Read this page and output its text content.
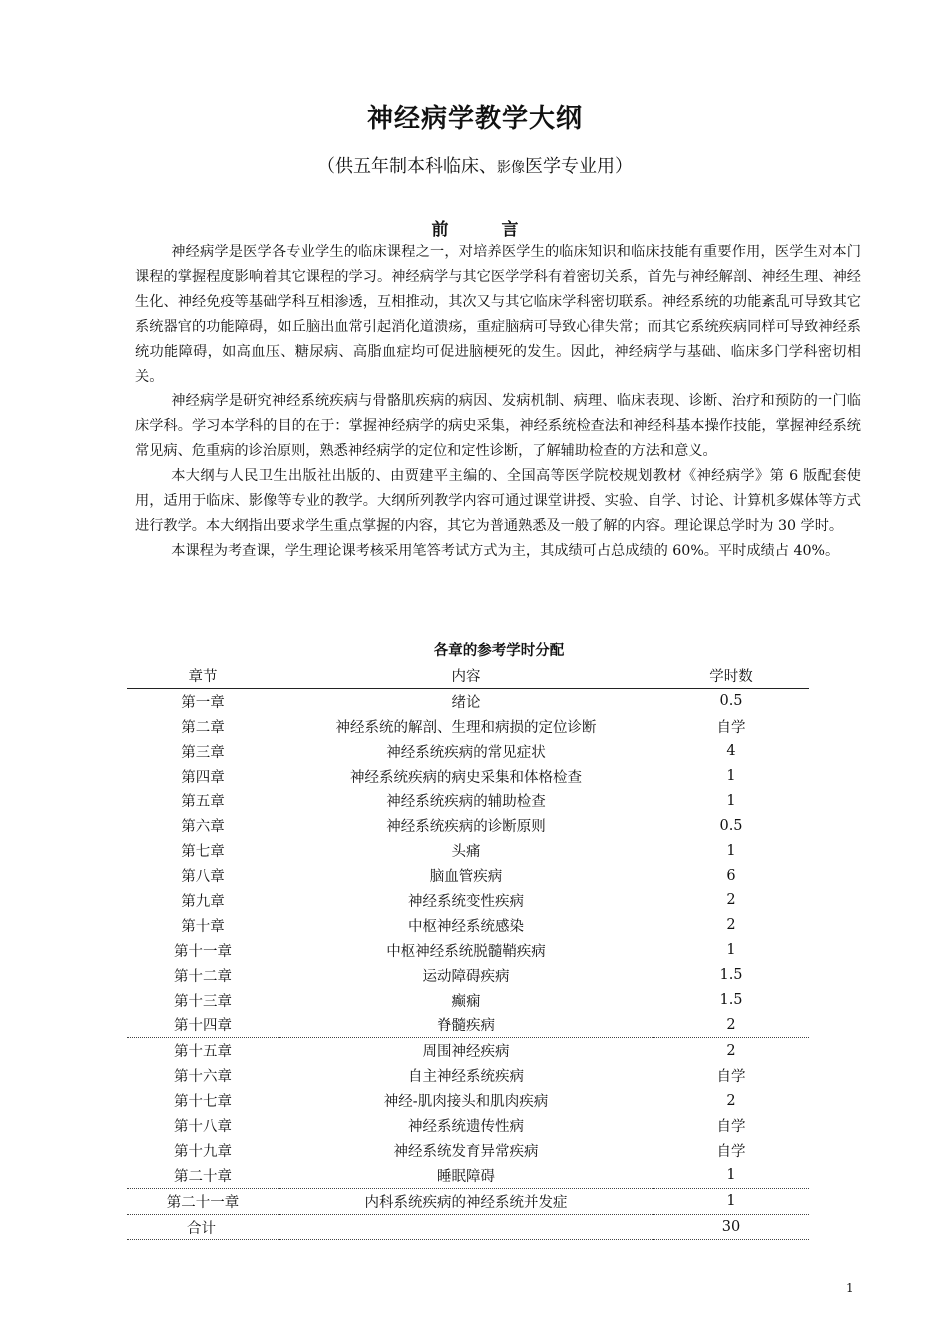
神经病学教学大纲
（供五年制本科临床、影像医学专业用）
前　言

神经病学是医学各专业学生的临床课程之一，对培养医学生的临床知识和临床技能有重要作用，医学生对本门课程的掌握程度影响着其它课程的学习。神经病学与其它医学学科有着密切关系，首先与神经解剖、神经生理、神经生化、神经免疫等基础学科互相渗透，互相推动，其次又与其它临床学科密切联系。神经系统的功能紊乱可导致其它系统器官的功能障碍，如丘脑出血常引起消化道溃疡，重症脑病可导致心律失常；而其它系统疾病同样可导致神经系统功能障碍，如高血压、糖尿病、高脂血症均可促进脑梗死的发生。因此，神经病学与基础、临床多门学科密切相关。

神经病学是研究神经系统疾病与骨骼肌疾病的病因、发病机制、病理、临床表现、诊断、治疗和预防的一门临床学科。学习本学科的目的在于：掌握神经病学的病史采集，神经系统检查法和神经科基本操作技能，掌握神经系统常见病、危重病的诊治原则，熟悉神经病学的定位和定性诊断，了解辅助检查的方法和意义。

本大纲与人民卫生出版社出版的、由贾建平主编的、全国高等医学院校规划教材《神经病学》第 6 版配套使用，适用于临床、影像等专业的教学。大纲所列教学内容可通过课堂讲授、实验、自学、讨论、计算机多媒体等方式进行教学。本大纲指出要求学生重点掌握的内容，其它为普通熟悉及一般了解的内容。理论课总学时为 30 学时。

本课程为考查课，学生理论课考核采用笔答考试方式为主，其成绩可占总成绩的 60%。平时成绩占 40%。

各章的参考学时分配
章节	内容	学时数
第一章	绪论	0.5
第二章	神经系统的解剖、生理和病损的定位诊断	自学
第三章	神经系统疾病的常见症状	4
第四章	神经系统疾病的病史采集和体格检查	1
第五章	神经系统疾病的辅助检查	1
第六章	神经系统疾病的诊断原则	0.5
第七章	头痛	1
第八章	脑血管疾病	6
第九章	神经系统变性疾病	2
第十章	中枢神经系统感染	2
第十一章	中枢神经系统脱髓鞘疾病	1
第十二章	运动障碍疾病	1.5
第十三章	癫痫	1.5
第十四章	脊髓疾病	2
第十五章	周围神经疾病	2
第十六章	自主神经系统疾病	自学
第十七章	神经-肌肉接头和肌肉疾病	2
第十八章	神经系统遗传性病	自学
第十九章	神经系统发育异常疾病	自学
第二十章	睡眠障碍	1
第二十一章	内科系统疾病的神经系统并发症	1
合计		30
1
